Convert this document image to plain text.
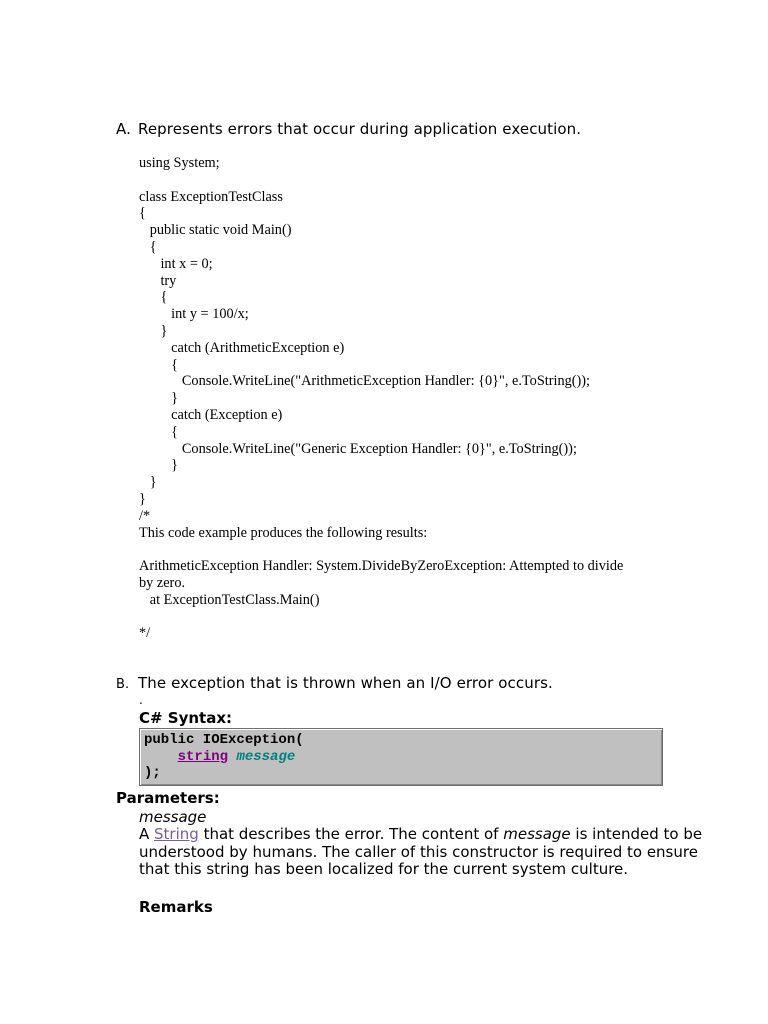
A. Represents errors that occur during application execution.
using System;

class ExceptionTestClass
{
public static void Main()
{
int x = 0;
try
{
int y = 100/x;
}
catch (ArithmeticException e)
{
Console.WriteLine("ArithmeticException Handler: {0}", e.ToString());
}
catch (Exception e)
{
Console.WriteLine("Generic Exception Handler: {0}", e.ToString());
}
}
}
/*
This code example produces the following results:

ArithmeticException Handler: System.DivideByZeroException: Attempted to divide
by zero.
at ExceptionTestClass.Main()

*/
B. The exception that is thrown when an I/O error occurs.
.
C# Syntax:
public IOException(
string message
);
Parameters:
message
A String that describes the error. The content of message is intended to be understood by humans. The caller of this constructor is required to ensure that this string has been localized for the current system culture.
Remarks
